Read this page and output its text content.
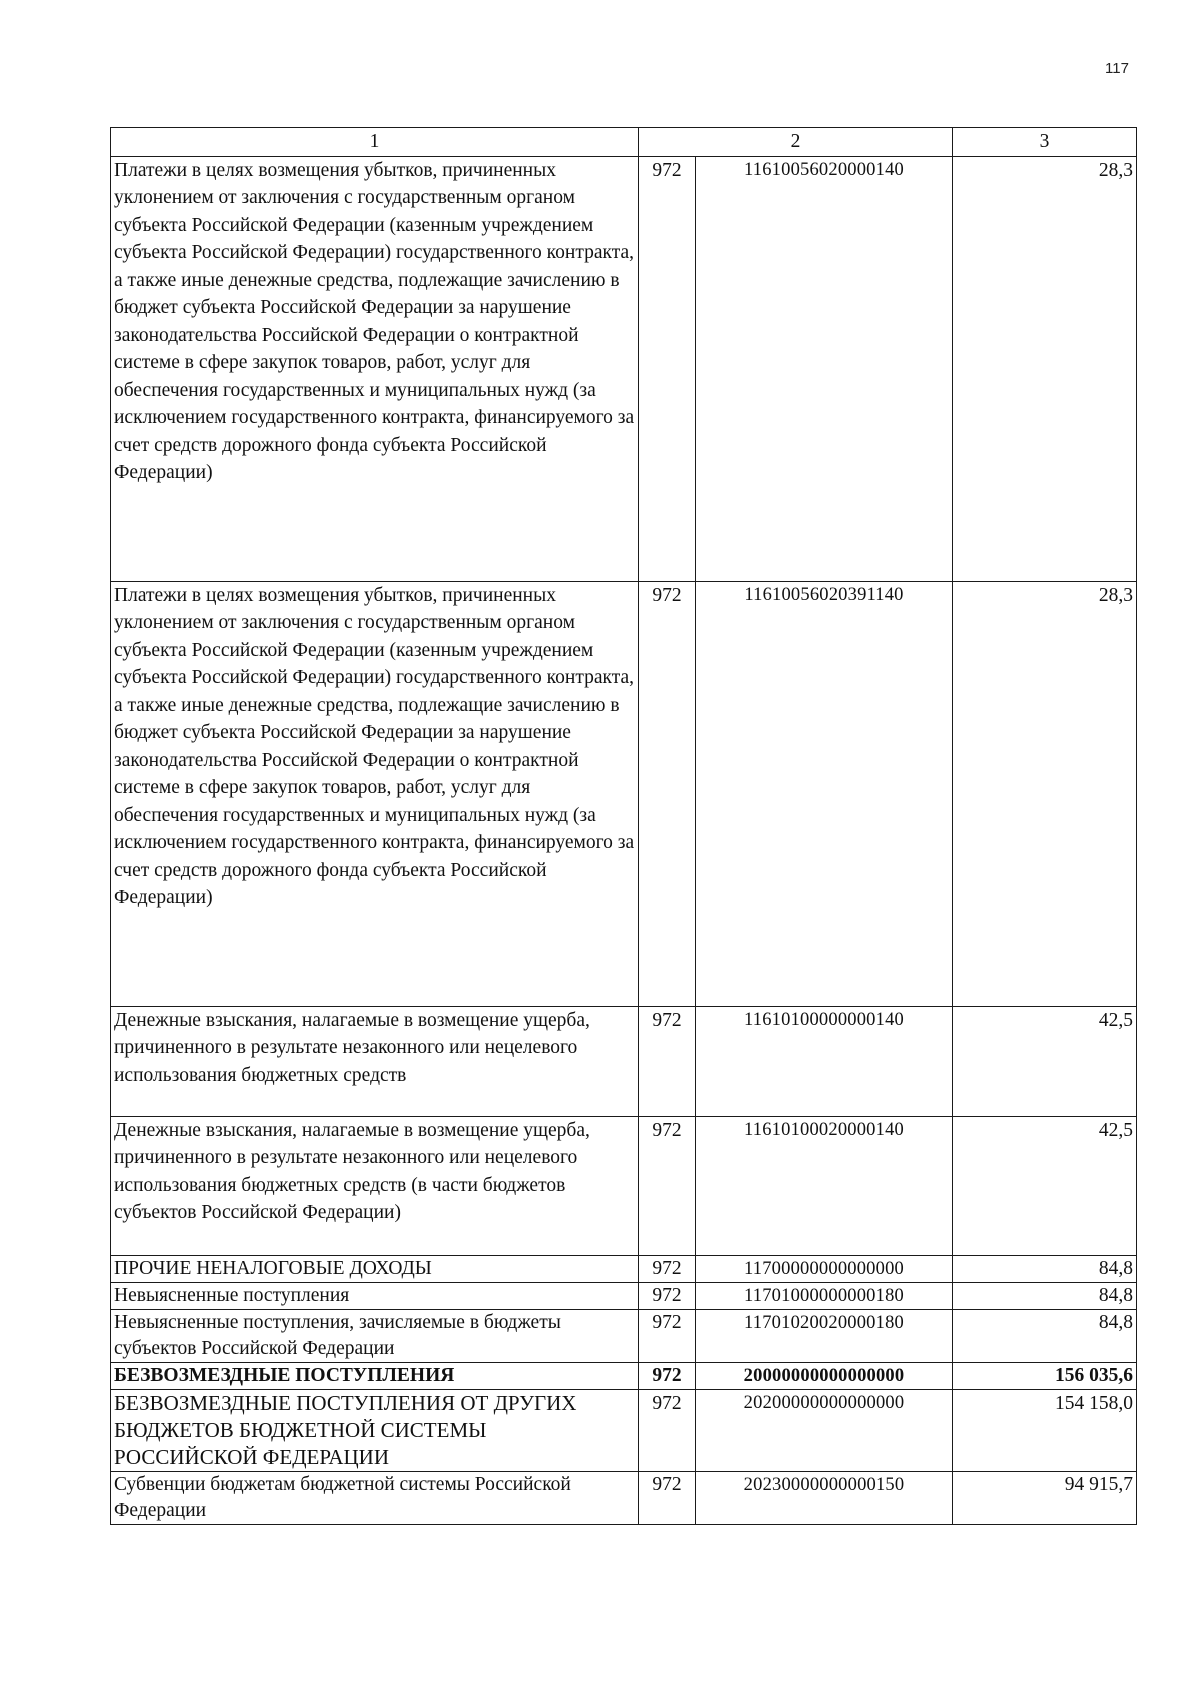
117
1	2		3
Платежи в целях возмещения убытков, причиненных уклонением от заключения с государственным органом субъекта Российской Федерации (казенным учреждением субъекта Российской Федерации) государственного контракта, а также иные денежные средства, подлежащие зачислению в бюджет субъекта Российской Федерации за нарушение законодательства Российской Федерации о контрактной системе в сфере закупок товаров, работ, услуг для обеспечения государственных и муниципальных нужд (за исключением государственного контракта, финансируемого за счет средств дорожного фонда субъекта Российской Федерации)	972	11610056020000140	28,3
Платежи в целях возмещения убытков, причиненных уклонением от заключения с государственным органом субъекта Российской Федерации (казенным учреждением субъекта Российской Федерации) государственного контракта, а также иные денежные средства, подлежащие зачислению в бюджет субъекта Российской Федерации за нарушение законодательства Российской Федерации о контрактной системе в сфере закупок товаров, работ, услуг для обеспечения государственных и муниципальных нужд (за исключением государственного контракта, финансируемого за счет средств дорожного фонда субъекта Российской Федерации)	972	11610056020391140	28,3
Денежные взыскания, налагаемые в возмещение ущерба, причиненного в результате незаконного или нецелевого использования бюджетных средств	972	11610100000000140	42,5
Денежные взыскания, налагаемые в возмещение ущерба, причиненного в результате незаконного или нецелевого использования бюджетных средств (в части бюджетов субъектов Российской Федерации)	972	11610100020000140	42,5
ПРОЧИЕ НЕНАЛОГОВЫЕ ДОХОДЫ	972	11700000000000000	84,8
Невыясненные поступления	972	11701000000000180	84,8
Невыясненные поступления, зачисляемые в бюджеты субъектов Российской Федерации	972	11701020020000180	84,8
БЕЗВОЗМЕЗДНЫЕ ПОСТУПЛЕНИЯ	972	20000000000000000	156 035,6
БЕЗВОЗМЕЗДНЫЕ ПОСТУПЛЕНИЯ ОТ ДРУГИХ БЮДЖЕТОВ БЮДЖЕТНОЙ СИСТЕМЫ РОССИЙСКОЙ ФЕДЕРАЦИИ	972	20200000000000000	154 158,0
Субвенции бюджетам бюджетной системы Российской Федерации	972	20230000000000150	94 915,7
